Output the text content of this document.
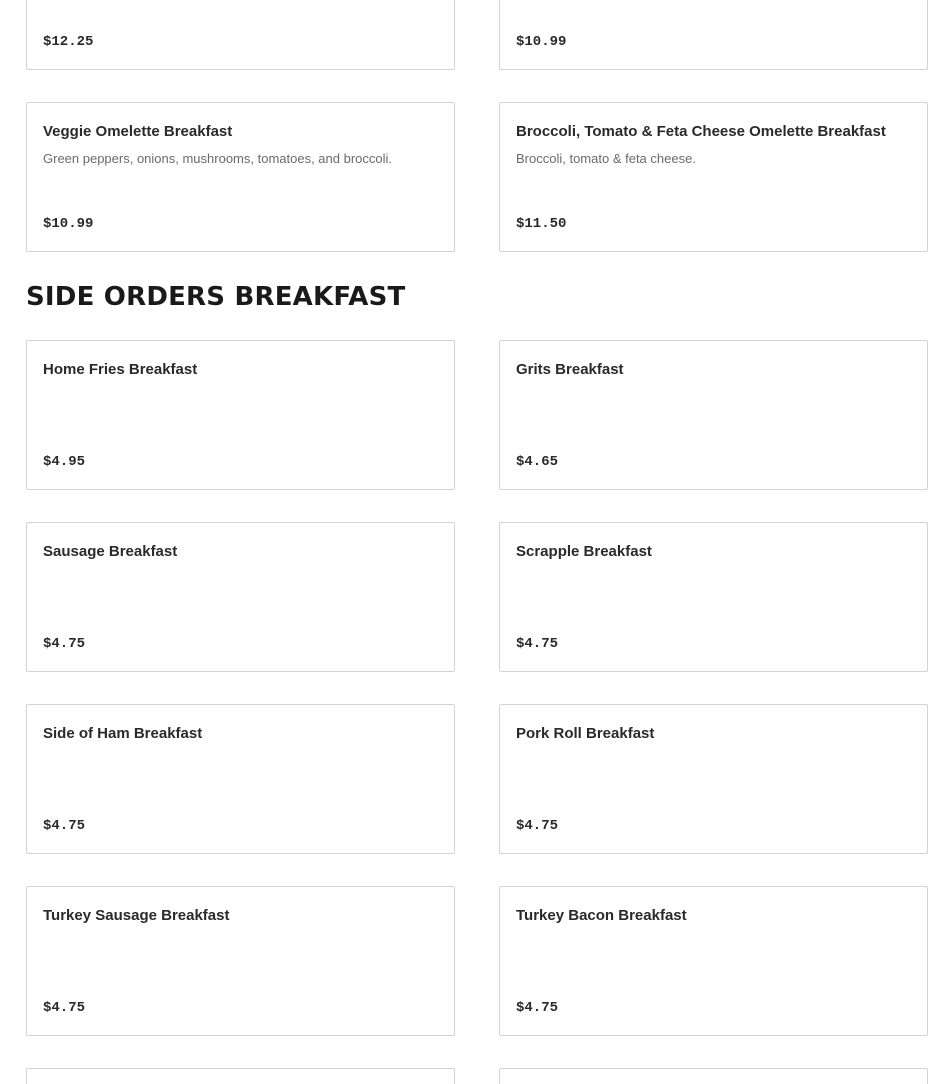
$12.25	$10.99
Veggie Omelette Breakfast
Green peppers, onions, mushrooms, tomatoes, and broccoli.
$10.99
Broccoli, Tomato & Feta Cheese Omelette Breakfast
Broccoli, tomato & feta cheese.
$11.50
SIDE ORDERS BREAKFAST
Home Fries Breakfast
$4.95
Grits Breakfast
$4.65
Sausage Breakfast
$4.75
Scrapple Breakfast
$4.75
Side of Ham Breakfast
$4.75
Pork Roll Breakfast
$4.75
Turkey Sausage Breakfast
$4.75
Turkey Bacon Breakfast
$4.75
